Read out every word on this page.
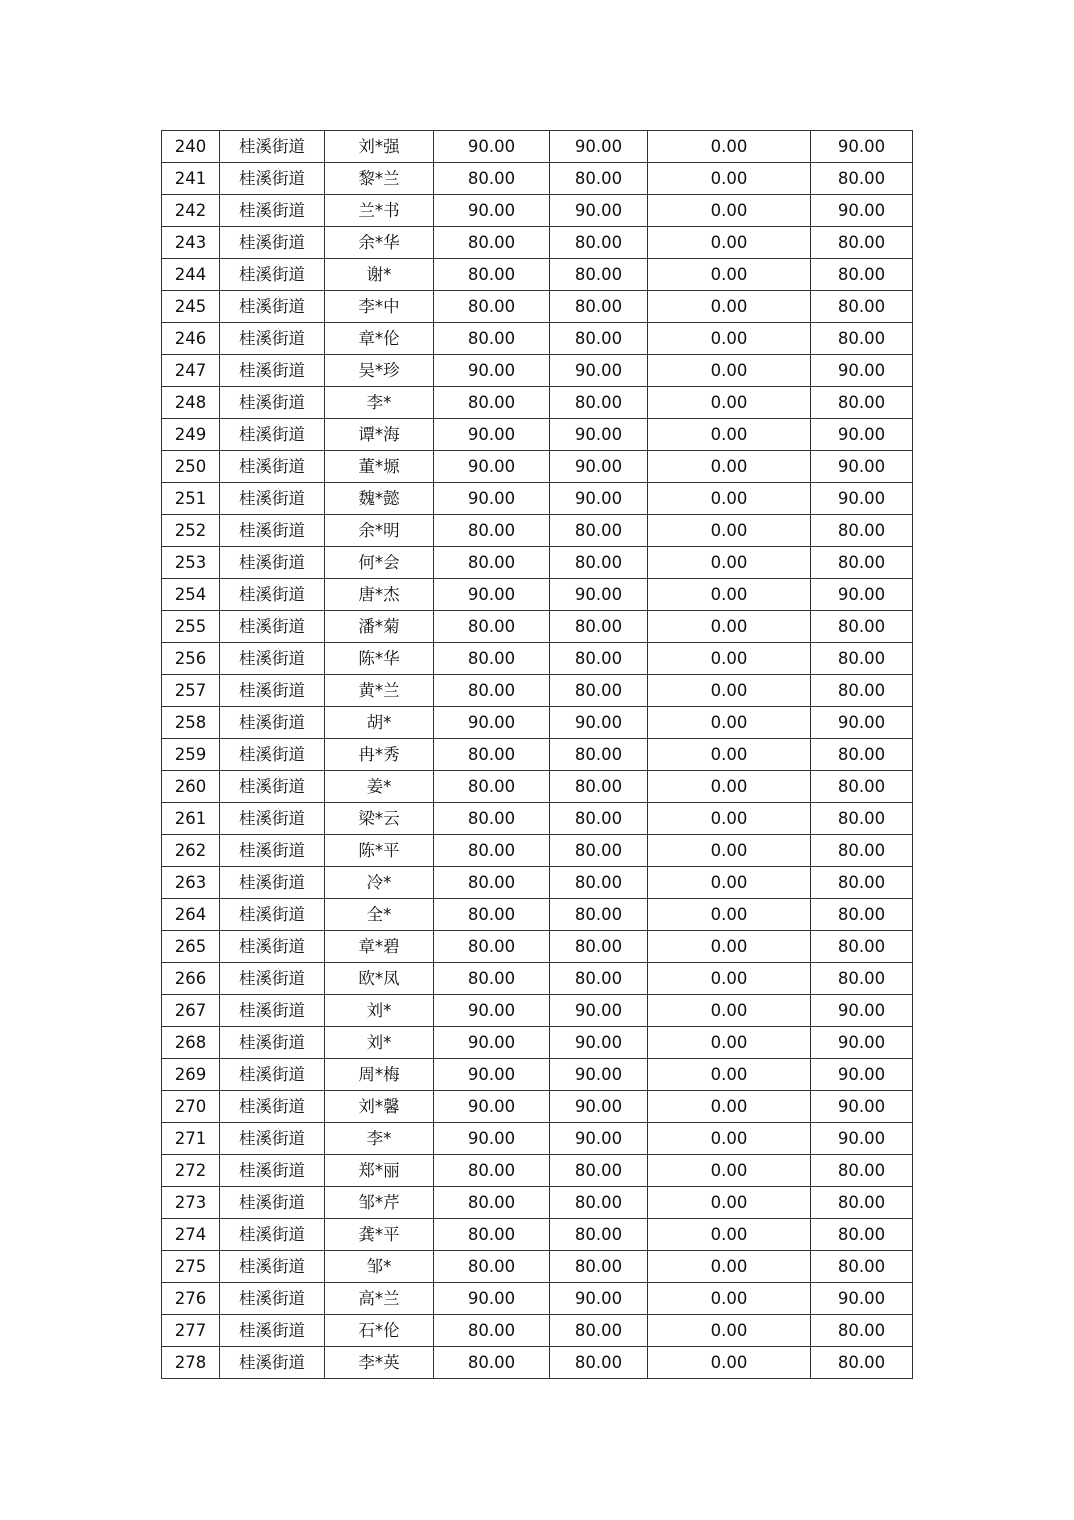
240	桂溪街道	刘*强	90.00	90.00	0.00	90.00
241	桂溪街道	黎*兰	80.00	80.00	0.00	80.00
242	桂溪街道	兰*书	90.00	90.00	0.00	90.00
243	桂溪街道	余*华	80.00	80.00	0.00	80.00
244	桂溪街道	谢*	80.00	80.00	0.00	80.00
245	桂溪街道	李*中	80.00	80.00	0.00	80.00
246	桂溪街道	章*伦	80.00	80.00	0.00	80.00
247	桂溪街道	吴*珍	90.00	90.00	0.00	90.00
248	桂溪街道	李*	80.00	80.00	0.00	80.00
249	桂溪街道	谭*海	90.00	90.00	0.00	90.00
250	桂溪街道	董*塬	90.00	90.00	0.00	90.00
251	桂溪街道	魏*懿	90.00	90.00	0.00	90.00
252	桂溪街道	余*明	80.00	80.00	0.00	80.00
253	桂溪街道	何*会	80.00	80.00	0.00	80.00
254	桂溪街道	唐*杰	90.00	90.00	0.00	90.00
255	桂溪街道	潘*菊	80.00	80.00	0.00	80.00
256	桂溪街道	陈*华	80.00	80.00	0.00	80.00
257	桂溪街道	黄*兰	80.00	80.00	0.00	80.00
258	桂溪街道	胡*	90.00	90.00	0.00	90.00
259	桂溪街道	冉*秀	80.00	80.00	0.00	80.00
260	桂溪街道	姜*	80.00	80.00	0.00	80.00
261	桂溪街道	梁*云	80.00	80.00	0.00	80.00
262	桂溪街道	陈*平	80.00	80.00	0.00	80.00
263	桂溪街道	冷*	80.00	80.00	0.00	80.00
264	桂溪街道	全*	80.00	80.00	0.00	80.00
265	桂溪街道	章*碧	80.00	80.00	0.00	80.00
266	桂溪街道	欧*凤	80.00	80.00	0.00	80.00
267	桂溪街道	刘*	90.00	90.00	0.00	90.00
268	桂溪街道	刘*	90.00	90.00	0.00	90.00
269	桂溪街道	周*梅	90.00	90.00	0.00	90.00
270	桂溪街道	刘*馨	90.00	90.00	0.00	90.00
271	桂溪街道	李*	90.00	90.00	0.00	90.00
272	桂溪街道	郑*丽	80.00	80.00	0.00	80.00
273	桂溪街道	邹*芹	80.00	80.00	0.00	80.00
274	桂溪街道	龚*平	80.00	80.00	0.00	80.00
275	桂溪街道	邹*	80.00	80.00	0.00	80.00
276	桂溪街道	高*兰	90.00	90.00	0.00	90.00
277	桂溪街道	石*伦	80.00	80.00	0.00	80.00
278	桂溪街道	李*英	80.00	80.00	0.00	80.00
